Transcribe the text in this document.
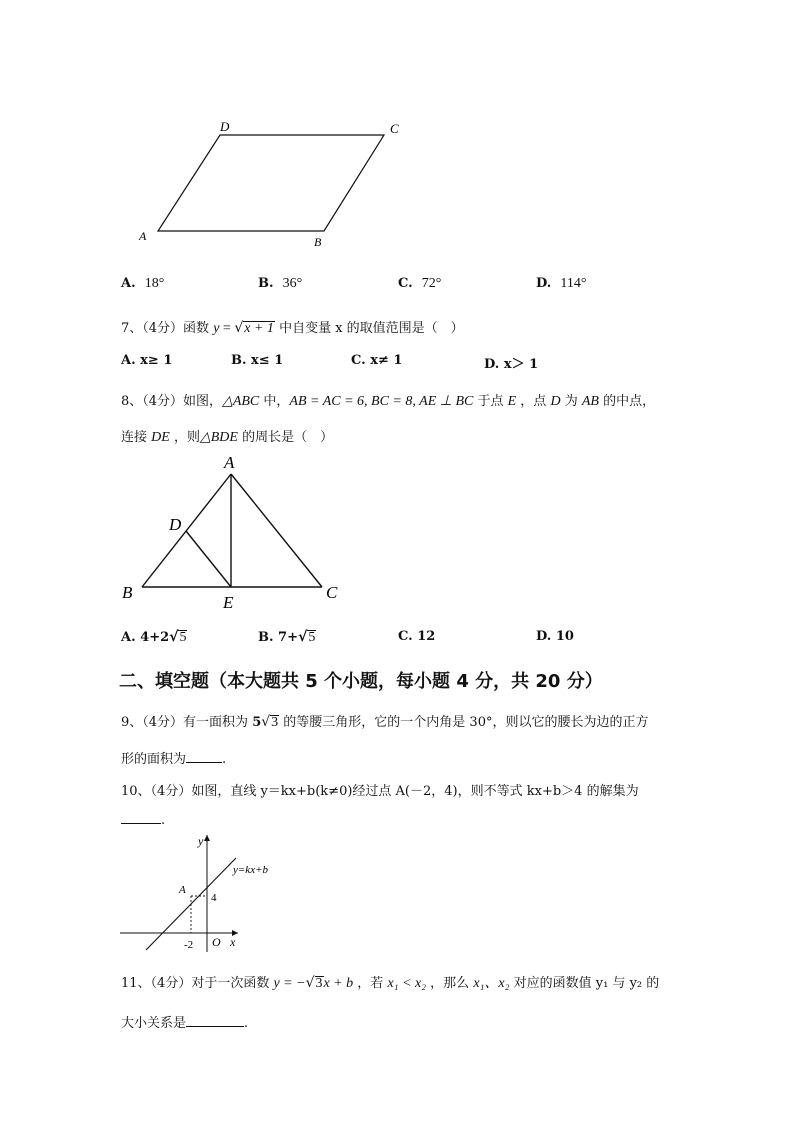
D	C
A	B
A. 18°	B. 36°	C. 72°	D. 114°
7、（4分）函数 y = √x + 1 中自变量 x 的取值范围是（　）
A. x≥ 1	B. x≤ 1	C. x≠ 1	D. x＞ 1
8、（4分）如图，△ABC 中，AB = AC = 6, BC = 8, AE ⊥ BC 于点 E ，点 D 为 AB 的中点，
连接 DE ，则△BDE 的周长是（　）
A
D
B
E
C
A. 4+2√5	B. 7+√5	C. 12	D. 10
二、填空题（本大题共 5 个小题，每小题 4 分，共 20 分）
9、（4分）有一面积为 5√3 的等腰三角形，它的一个内角是 30°，则以它的腰长为边的正方
形的面积为	.
10、（4分）如图，直线 y＝kx+b(k≠0)经过点 A(－2，4)，则不等式 kx+b＞4 的解集为
.
y
y=kx+b
A
4
-2 O x
11、（4分）对于一次函数 y = −√3x + b ，若 x₁ < x₂ ，那么 x₁、x₂ 对应的函数值 y₁ 与 y₂ 的
大小关系是	.
